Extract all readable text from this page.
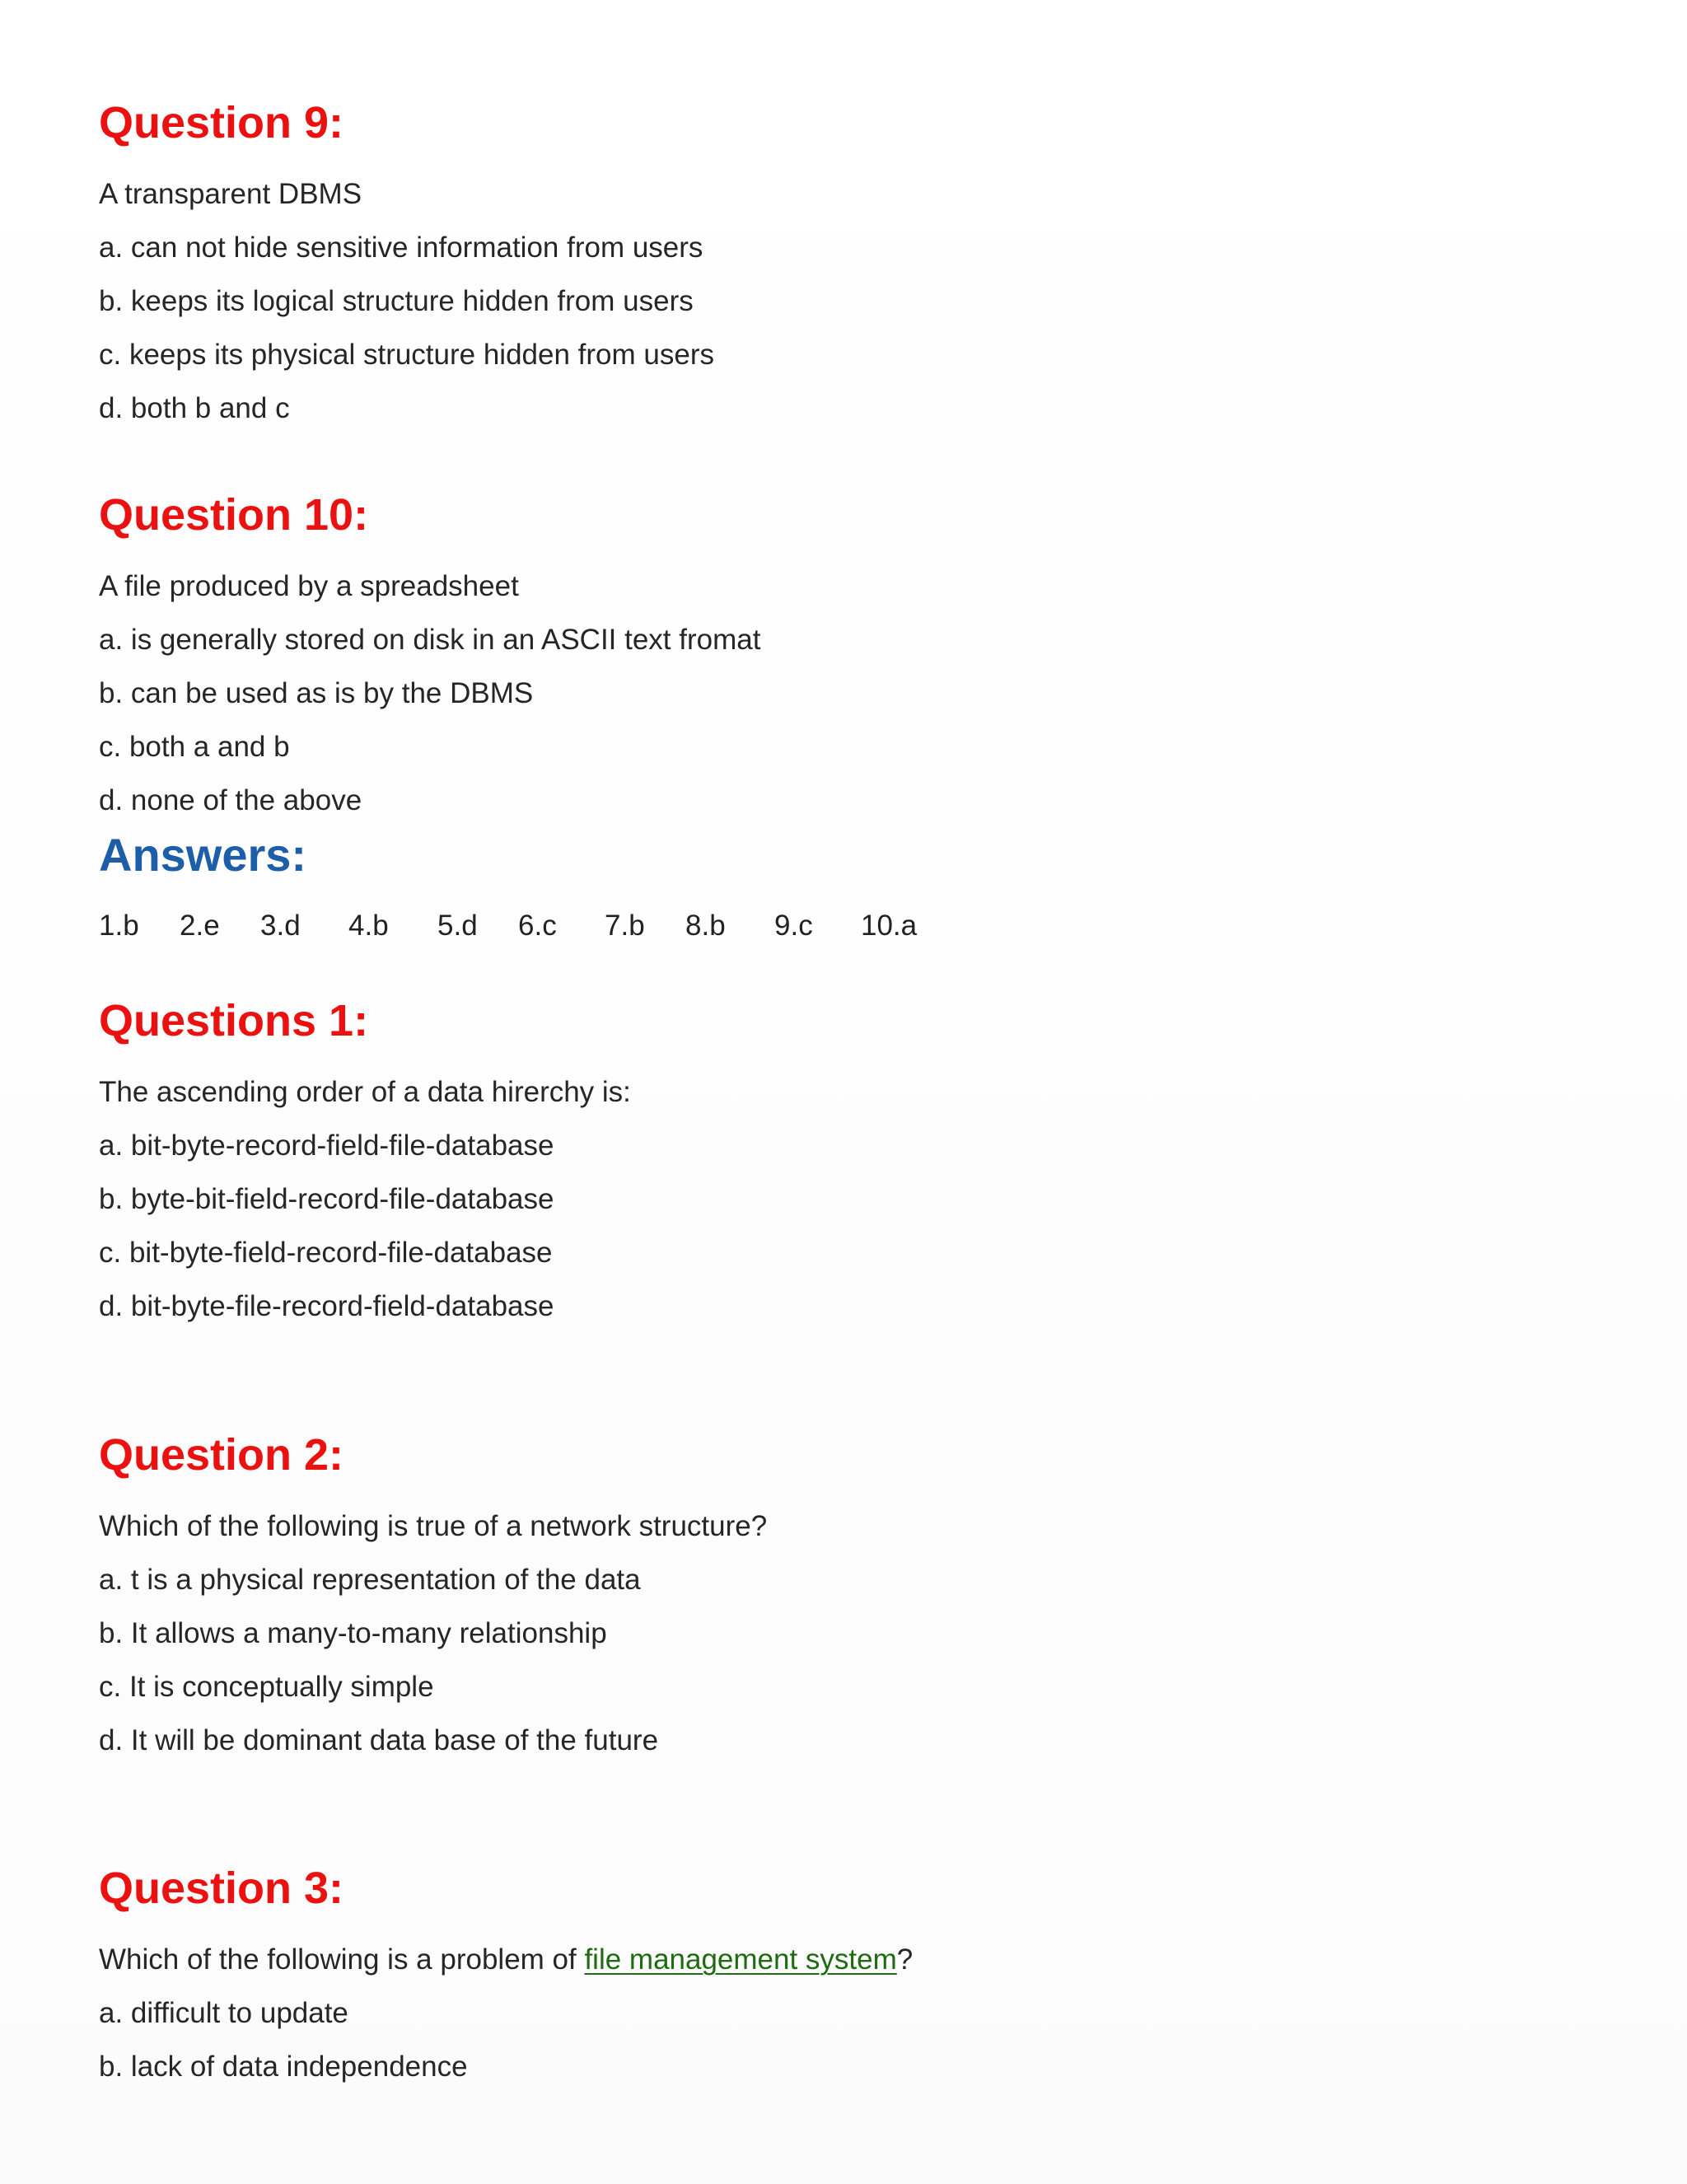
Question 9:
A transparent DBMS
a. can not hide sensitive information from users
b. keeps its logical structure hidden from users
c. keeps its physical structure hidden from users
d. both b and c
Question 10:
A file produced by a spreadsheet
a. is generally stored on disk in an ASCII text fromat
b. can be used as is by the DBMS
c. both a and b
d. none of the above
Answers:
1.b 2.e 3.d 4.b 5.d 6.c 7.b 8.b 9.c 10.a
Questions 1:
The ascending order of a data hirerchy is:
a. bit-byte-record-field-file-database
b. byte-bit-field-record-file-database
c. bit-byte-field-record-file-database
d. bit-byte-file-record-field-database
Question 2:
Which of the following is true of a network structure?
a. t is a physical representation of the data
b. It allows a many-to-many relationship
c. It is conceptually simple
d. It will be dominant data base of the future
Question 3:
Which of the following is a problem of file management system?
a. difficult to update
b. lack of data independence
